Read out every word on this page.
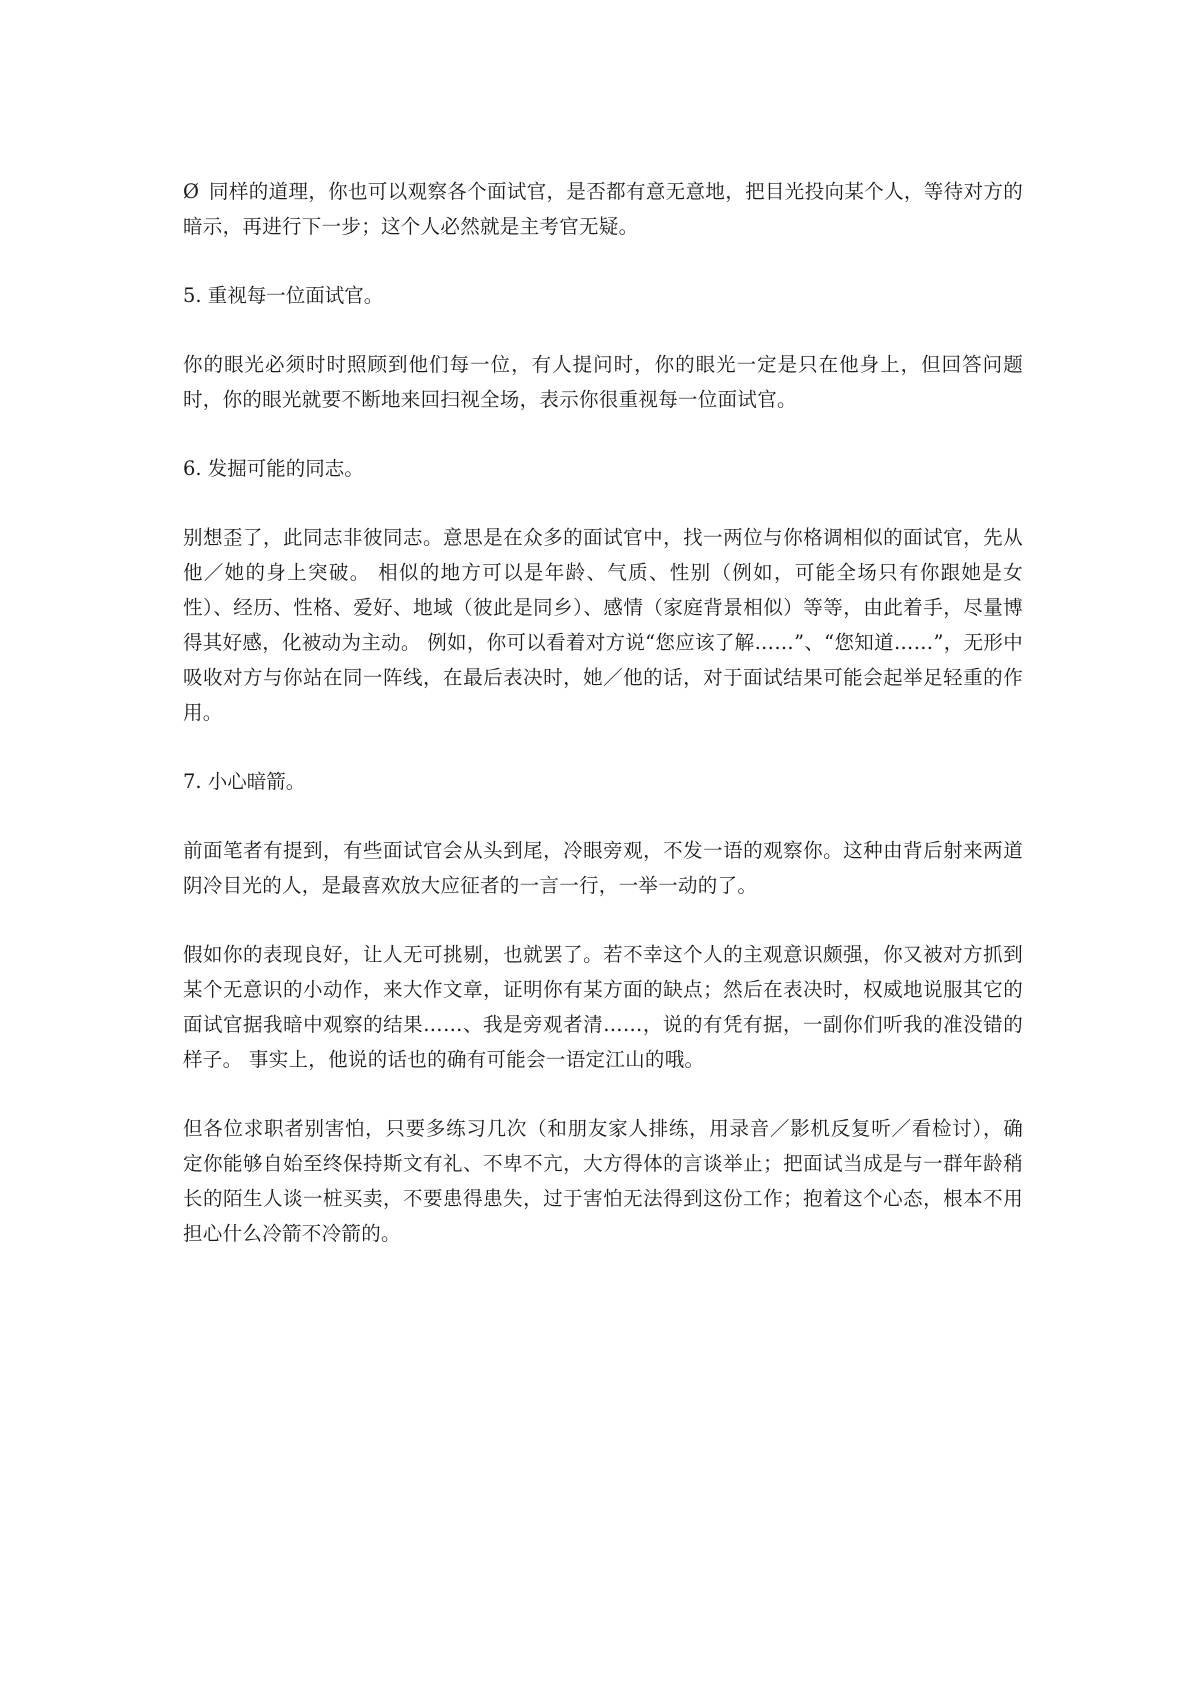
Ø 同样的道理，你也可以观察各个面试官，是否都有意无意地，把目光投向某个人，等待对方的暗示，再进行下一步；这个人必然就是主考官无疑。

5. 重视每一位面试官。

你的眼光必须时时照顾到他们每一位，有人提问时，你的眼光一定是只在他身上，但回答问题时，你的眼光就要不断地来回扫视全场，表示你很重视每一位面试官。

6. 发掘可能的同志。

别想歪了，此同志非彼同志。意思是在众多的面试官中，找一两位与你格调相似的面试官，先从他／她的身上突破。 相似的地方可以是年龄、气质、性别（例如，可能全场只有你跟她是女性）、经历、性格、爱好、地域（彼此是同乡）、感情（家庭背景相似）等等，由此着手，尽量博得其好感，化被动为主动。 例如，你可以看着对方说“您应该了解……”、“您知道……”，无形中吸收对方与你站在同一阵线，在最后表决时，她／他的话，对于面试结果可能会起举足轻重的作用。

7. 小心暗箭。

前面笔者有提到，有些面试官会从头到尾，冷眼旁观，不发一语的观察你。这种由背后射来两道阴冷目光的人，是最喜欢放大应征者的一言一行，一举一动的了。

假如你的表现良好，让人无可挑剔，也就罢了。若不幸这个人的主观意识颇强，你又被对方抓到某个无意识的小动作，来大作文章，证明你有某方面的缺点；然后在表决时，权威地说服其它的面试官据我暗中观察的结果……、我是旁观者清……，说的有凭有据，一副你们听我的准没错的样子。 事实上，他说的话也的确有可能会一语定江山的哦。

但各位求职者别害怕，只要多练习几次（和朋友家人排练，用录音／影机反复听／看检讨），确定你能够自始至终保持斯文有礼、不卑不亢，大方得体的言谈举止；把面试当成是与一群年龄稍长的陌生人谈一桩买卖，不要患得患失，过于害怕无法得到这份工作；抱着这个心态，根本不用担心什么冷箭不冷箭的。
